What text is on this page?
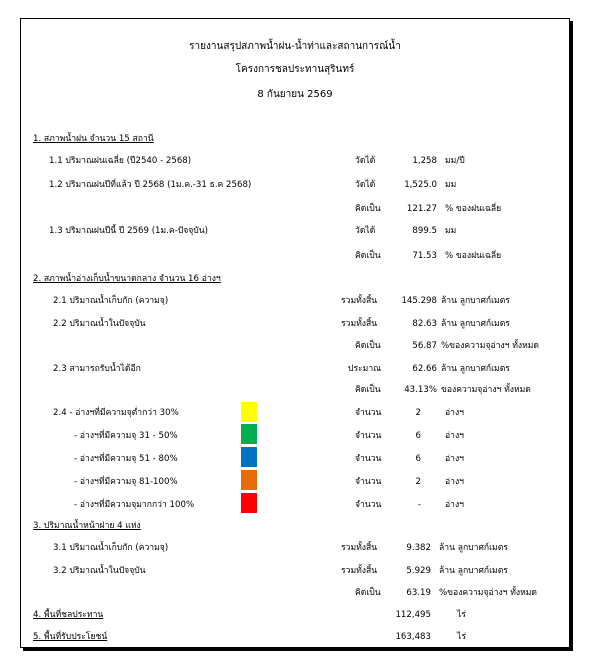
รายงานสรุปสภาพน้ำฝน-น้ำท่าและสถานการณ์น้ำ
โครงการชลประทานสุรินทร์
8 กันยายน 2569
1. สภาพน้ำฝน จำนวน 15 สถานี
1.1 ปริมาณฝนเฉลี่ย (ปี2540 - 2568)	วัดได้	1,258 มม/ปี
1.2 ปริมาณฝนปีที่แล้ว ปี 2568 (1ม.ค.-31 ธ.ค 2568)	วัดได้	1,525.0 มม
คิดเป็น	121.27 % ของฝนเฉลี่ย
1.3 ปริมาณฝนปีนี้ ปี 2569 (1ม.ค-ปัจจุบัน)	วัดได้	899.5 มม
คิดเป็น	71.53 % ของฝนเฉลี่ย
2. สภาพน้ำอ่างเก็บน้ำขนาดกลาง จำนวน 16 อ่างฯ
2.1 ปริมาณน้ำเก็บกัก (ความจุ)	รวมทั้งสิ้น	145.298 ล้าน ลูกบาศก์เมตร
2.2 ปริมาณน้ำในปัจจุบัน	รวมทั้งสิ้น	82.63 ล้าน ลูกบาศก์เมตร
คิดเป็น	56.87 %ของความจุอ่างฯ ทั้งหมด
2.3 สามารถรับน้ำได้อีก	ประมาณ	62.66 ล้าน ลูกบาศก์เมตร
คิดเป็น	43.13% ของความจุอ่างฯ ทั้งหมด
2.4 - อ่างฯที่มีความจุต่ำกว่า 30%	จำนวน	2	อ่างฯ
- อ่างฯที่มีความจุ 31 - 50%	จำนวน	6	อ่างฯ
- อ่างฯที่มีความจุ 51 - 80%	จำนวน	6	อ่างฯ
- อ่างฯที่มีความจุ 81-100%	จำนวน	2	อ่างฯ
- อ่างฯที่มีความจุมากกว่า 100%	จำนวน	-	อ่างฯ
3. ปริมาณน้ำหน้าฝาย 4 แห่ง
3.1 ปริมาณน้ำเก็บกัก (ความจุ)	รวมทั้งสิ้น	9.382 ล้าน ลูกบาศก์เมตร
3.2 ปริมาณน้ำในปัจจุบัน	รวมทั้งสิ้น	5.929 ล้าน ลูกบาศก์เมตร
คิดเป็น	63.19 %ของความจุอ่างฯ ทั้งหมด
4. พื้นที่ชลประทาน	112,495	ไร่
5. พื้นที่รับประโยชน์	163,483	ไร่
